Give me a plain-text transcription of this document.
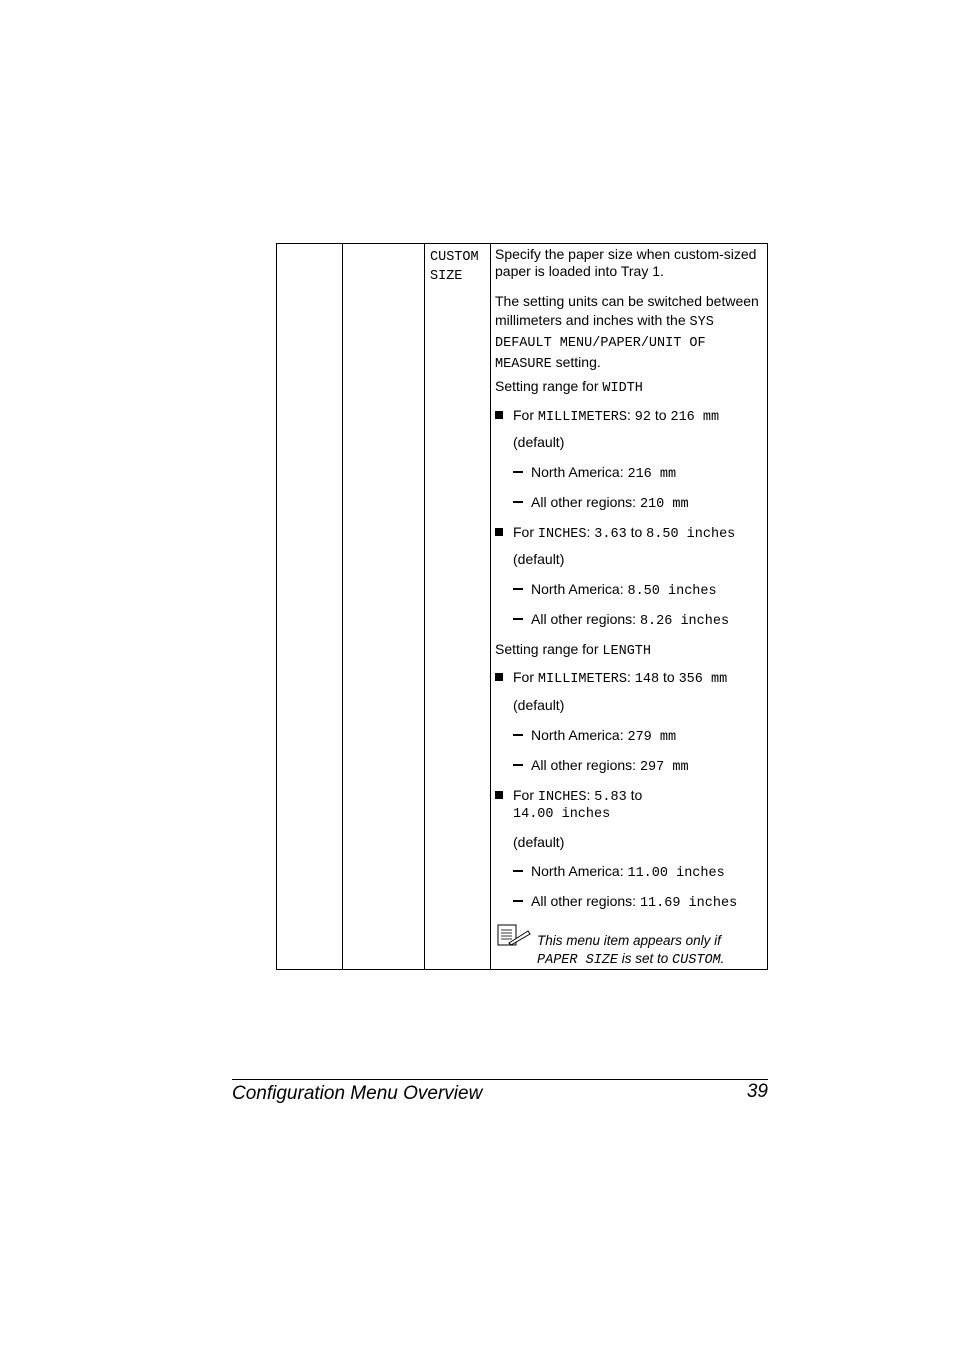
CUSTOM
SIZE

Specify the paper size when custom-sized paper is loaded into Tray 1.

The setting units can be switched between millimeters and inches with the SYS DEFAULT MENU/PAPER/UNIT OF MEASURE setting.

Setting range for WIDTH

For MILLIMETERS: 92 to 216 mm
(default)
North America: 216 mm
All other regions: 210 mm
For INCHES: 3.63 to 8.50 inches
(default)
North America: 8.50 inches
All other regions: 8.26 inches

Setting range for LENGTH

For MILLIMETERS: 148 to 356 mm
(default)
North America: 279 mm
All other regions: 297 mm
For INCHES: 5.83 to
14.00 inches
(default)
North America: 11.00 inches
All other regions: 11.69 inches
This menu item appears only if
PAPER SIZE is set to CUSTOM.
Configuration Menu Overview	39
